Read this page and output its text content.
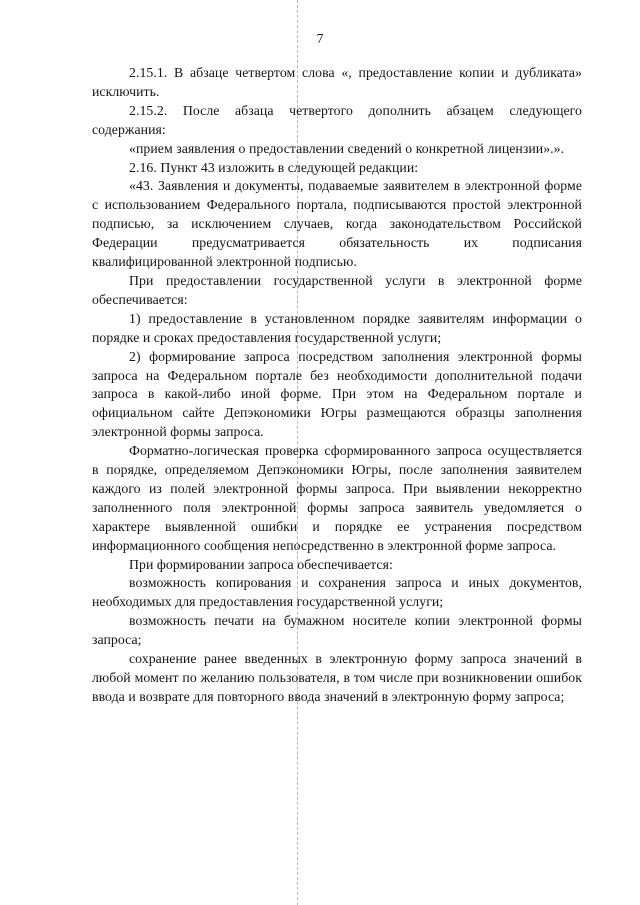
7

2.15.1. В абзаце четвертом слова «, предоставление копии и дубликата» исключить.

2.15.2. После абзаца четвертого дополнить абзацем следующего содержания:

«прием заявления о предоставлении сведений о конкретной лицензии».».

2.16. Пункт 43 изложить в следующей редакции:

«43. Заявления и документы, подаваемые заявителем в электронной форме с использованием Федерального портала, подписываются простой электронной подписью, за исключением случаев, когда законодательством Российской Федерации предусматривается обязательность их подписания квалифицированной электронной подписью.

При предоставлении государственной услуги в электронной форме обеспечивается:

1) предоставление в установленном порядке заявителям информации о порядке и сроках предоставления государственной услуги;

2) формирование запроса посредством заполнения электронной формы запроса на Федеральном портале без необходимости дополнительной подачи запроса в какой-либо иной форме. При этом на Федеральном портале и официальном сайте Депэкономики Югры размещаются образцы заполнения электронной формы запроса.

Форматно-логическая проверка сформированного запроса осуществляется в порядке, определяемом Депэкономики Югры, после заполнения заявителем каждого из полей электронной формы запроса. При выявлении некорректно заполненного поля электронной формы запроса заявитель уведомляется о характере выявленной ошибки и порядке ее устранения посредством информационного сообщения непосредственно в электронной форме запроса.

При формировании запроса обеспечивается:

возможность копирования и сохранения запроса и иных документов, необходимых для предоставления государственной услуги;

возможность печати на бумажном носителе копии электронной формы запроса;

сохранение ранее введенных в электронную форму запроса значений в любой момент по желанию пользователя, в том числе при возникновении ошибок ввода и возврате для повторного ввода значений в электронную форму запроса;
